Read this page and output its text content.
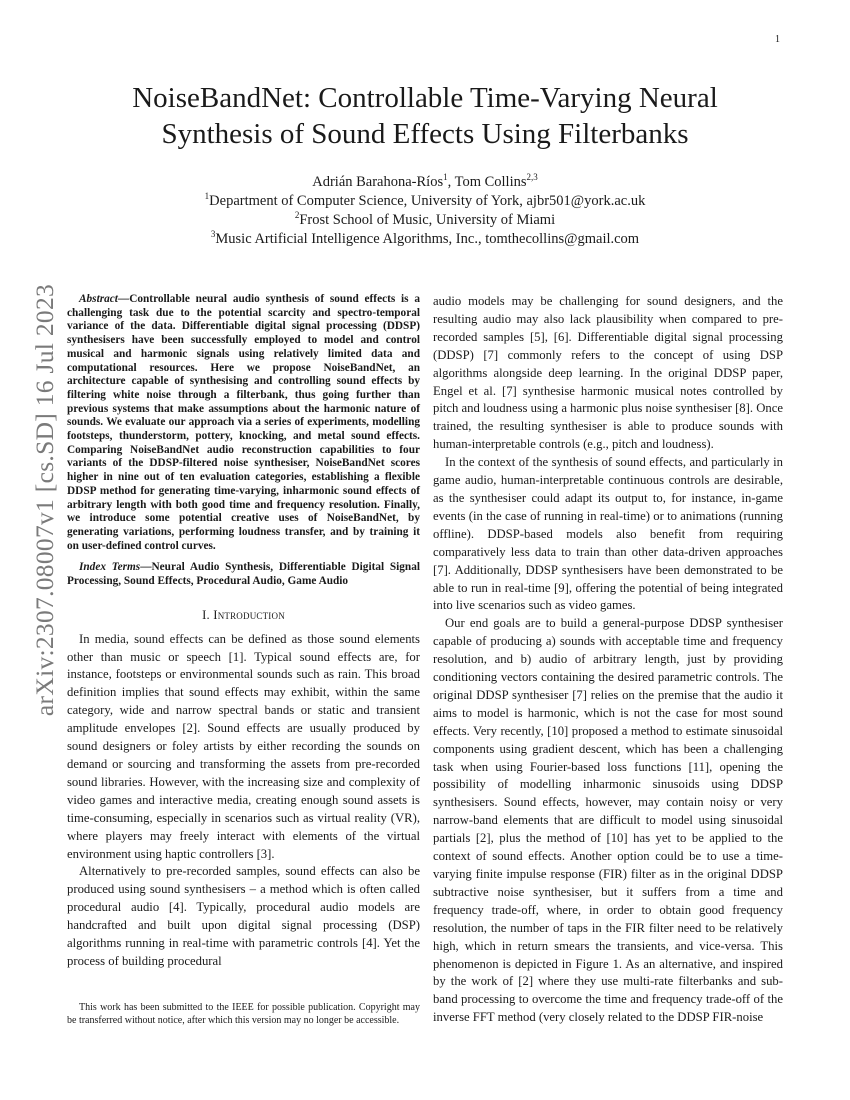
1
arXiv:2307.08007v1 [cs.SD] 16 Jul 2023
NoiseBandNet: Controllable Time-Varying Neural Synthesis of Sound Effects Using Filterbanks
Adrián Barahona-Ríos$^1$, Tom Collins$^{2,3}$
$^1$Department of Computer Science, University of York, ajbr501@york.ac.uk
$^2$Frost School of Music, University of Miami
$^3$Music Artificial Intelligence Algorithms, Inc., tomthecollins@gmail.com

Abstract—Controllable neural audio synthesis of sound effects is a challenging task due to the potential scarcity and spectro-temporal variance of the data. Differentiable digital signal processing (DDSP) synthesisers have been successfully employed to model and control musical and harmonic signals using relatively limited data and computational resources. Here we propose NoiseBandNet, an architecture capable of synthesising and controlling sound effects by filtering white noise through a filterbank, thus going further than previous systems that make assumptions about the harmonic nature of sounds. We evaluate our approach via a series of experiments, modelling footsteps, thunderstorm, pottery, knocking, and metal sound effects. Comparing NoiseBandNet audio reconstruction capabilities to four variants of the DDSP-filtered noise synthesiser, NoiseBandNet scores higher in nine out of ten evaluation categories, establishing a flexible DDSP method for generating time-varying, inharmonic sound effects of arbitrary length with both good time and frequency resolution. Finally, we introduce some potential creative uses of NoiseBandNet, by generating variations, performing loudness transfer, and by training it on user-defined control curves.

Index Terms—Neural Audio Synthesis, Differentiable Digital Signal Processing, Sound Effects, Procedural Audio, Game Audio

I. Introduction

In media, sound effects can be defined as those sound elements other than music or speech [1]. Typical sound effects are, for instance, footsteps or environmental sounds such as rain. This broad definition implies that sound effects may exhibit, within the same category, wide and narrow spectral bands or static and transient amplitude envelopes [2]. Sound effects are usually produced by sound designers or foley artists by either recording the sounds on demand or sourcing and transforming the assets from pre-recorded sound libraries. However, with the increasing size and complexity of video games and interactive media, creating enough sound assets is time-consuming, especially in scenarios such as virtual reality (VR), where players may freely interact with elements of the virtual environment using haptic controllers [3].

Alternatively to pre-recorded samples, sound effects can also be produced using sound synthesisers – a method which is often called procedural audio [4]. Typically, procedural audio models are handcrafted and built upon digital signal processing (DSP) algorithms running in real-time with parametric controls [4]. Yet the process of building procedural

This work has been submitted to the IEEE for possible publication. Copyright may be transferred without notice, after which this version may no longer be accessible.

audio models may be challenging for sound designers, and the resulting audio may also lack plausibility when compared to pre-recorded samples [5], [6]. Differentiable digital signal processing (DDSP) [7] commonly refers to the concept of using DSP algorithms alongside deep learning. In the original DDSP paper, Engel et al. [7] synthesise harmonic musical notes controlled by pitch and loudness using a harmonic plus noise synthesiser [8]. Once trained, the resulting synthesiser is able to produce sounds with human-interpretable controls (e.g., pitch and loudness).

In the context of the synthesis of sound effects, and particularly in game audio, human-interpretable continuous controls are desirable, as the synthesiser could adapt its output to, for instance, in-game events (in the case of running in real-time) or to animations (running offline). DDSP-based models also benefit from requiring comparatively less data to train than other data-driven approaches [7]. Additionally, DDSP synthesisers have been demonstrated to be able to run in real-time [9], offering the potential of being integrated into live scenarios such as video games.

Our end goals are to build a general-purpose DDSP synthesiser capable of producing a) sounds with acceptable time and frequency resolution, and b) audio of arbitrary length, just by providing conditioning vectors containing the desired parametric controls. The original DDSP synthesiser [7] relies on the premise that the audio it aims to model is harmonic, which is not the case for most sound effects. Very recently, [10] proposed a method to estimate sinusoidal components using gradient descent, which has been a challenging task when using Fourier-based loss functions [11], opening the possibility of modelling inharmonic sinusoids using DDSP synthesisers. Sound effects, however, may contain noisy or very narrow-band elements that are difficult to model using sinusoidal partials [2], plus the method of [10] has yet to be applied to the context of sound effects. Another option could be to use a time-varying finite impulse response (FIR) filter as in the original DDSP subtractive noise synthesiser, but it suffers from a time and frequency trade-off, where, in order to obtain good frequency resolution, the number of taps in the FIR filter need to be relatively high, which in return smears the transients, and vice-versa. This phenomenon is depicted in Figure 1. As an alternative, and inspired by the work of [2] where they use multi-rate filterbanks and sub-band processing to overcome the time and frequency trade-off of the inverse FFT method (very closely related to the DDSP FIR-noise
